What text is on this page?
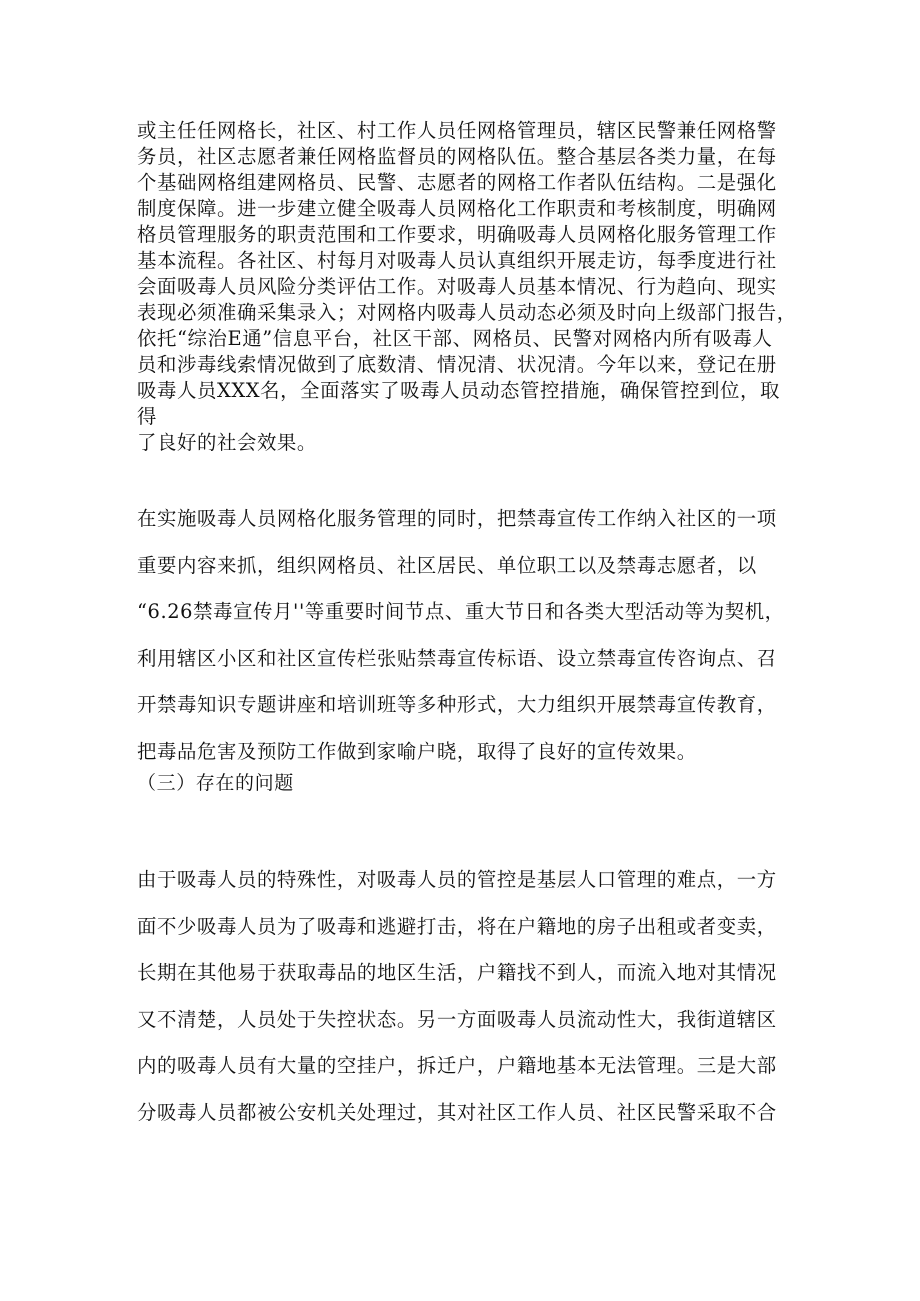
或主任任网格长，社区、村工作人员任网格管理员，辖区民警兼任网格警
务员，社区志愿者兼任网格监督员的网格队伍。整合基层各类力量，在每
个基础网格组建网格员、民警、志愿者的网格工作者队伍结构。二是强化
制度保障。进一步建立健全吸毒人员网格化工作职责和考核制度，明确网
格员管理服务的职责范围和工作要求，明确吸毒人员网格化服务管理工作
基本流程。各社区、村每月对吸毒人员认真组织开展走访，每季度进行社
会面吸毒人员风险分类评估工作。对吸毒人员基本情况、行为趋向、现实
表现必须准确采集录入；对网格内吸毒人员动态必须及时向上级部门报告，
依托“综治E通”信息平台，社区干部、网格员、民警对网格内所有吸毒人
员和涉毒线索情况做到了底数清、情况清、状况清。今年以来，登记在册
吸毒人员XXX名，全面落实了吸毒人员动态管控措施，确保管控到位，取得
了良好的社会效果。

在实施吸毒人员网格化服务管理的同时，把禁毒宣传工作纳入社区的一项
重要内容来抓，组织网格员、社区居民、单位职工以及禁毒志愿者，以
“6.26禁毒宣传月''等重要时间节点、重大节日和各类大型活动等为契机，
利用辖区小区和社区宣传栏张贴禁毒宣传标语、设立禁毒宣传咨询点、召
开禁毒知识专题讲座和培训班等多种形式，大力组织开展禁毒宣传教育，
把毒品危害及预防工作做到家喻户晓，取得了良好的宣传效果。

（三）存在的问题

由于吸毒人员的特殊性，对吸毒人员的管控是基层人口管理的难点，一方
面不少吸毒人员为了吸毒和逃避打击，将在户籍地的房子出租或者变卖，
长期在其他易于获取毒品的地区生活，户籍找不到人，而流入地对其情况
又不清楚，人员处于失控状态。另一方面吸毒人员流动性大，我街道辖区
内的吸毒人员有大量的空挂户，拆迁户，户籍地基本无法管理。三是大部
分吸毒人员都被公安机关处理过，其对社区工作人员、社区民警采取不合
